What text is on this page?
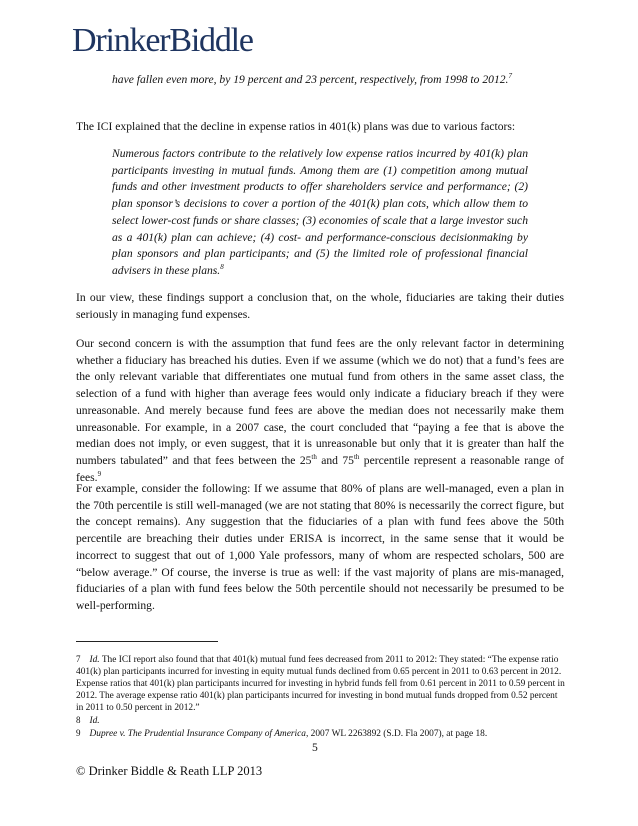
DrinkerBiddle

have fallen even more, by 19 percent and 23 percent, respectively, from 1998 to 2012.$^7$

The ICI explained that the decline in expense ratios in 401(k) plans was due to various factors:

Numerous factors contribute to the relatively low expense ratios incurred by 401(k) plan participants investing in mutual funds. Among them are (1) competition among mutual funds and other investment products to offer shareholders service and performance; (2) plan sponsor’s decisions to cover a portion of the 401(k) plan cots, which allow them to select lower-cost funds or share classes; (3) economies of scale that a large investor such as a 401(k) plan can achieve; (4) cost- and performance-conscious decisionmaking by plan sponsors and plan participants; and (5) the limited role of professional financial advisers in these plans.$^8$

In our view, these findings support a conclusion that, on the whole, fiduciaries are taking their duties seriously in managing fund expenses.

Our second concern is with the assumption that fund fees are the only relevant factor in determining whether a fiduciary has breached his duties. Even if we assume (which we do not) that a fund’s fees are the only relevant variable that differentiates one mutual fund from others in the same asset class, the selection of a fund with higher than average fees would only indicate a fiduciary breach if they were unreasonable. And merely because fund fees are above the median does not necessarily make them unreasonable. For example, in a 2007 case, the court concluded that “paying a fee that is above the median does not imply, or even suggest, that it is unreasonable but only that it is greater than half the numbers tabulated” and that fees between the 25th and 75th percentile represent a reasonable range of fees.$^9$

For example, consider the following: If we assume that 80% of plans are well-managed, even a plan in the 70th percentile is still well-managed (we are not stating that 80% is necessarily the correct figure, but the concept remains). Any suggestion that the fiduciaries of a plan with fund fees above the 50th percentile are breaching their duties under ERISA is incorrect, in the same sense that it would be incorrect to suggest that out of 1,000 Yale professors, many of whom are respected scholars, 500 are “below average.” Of course, the inverse is true as well: if the vast majority of plans are mis-managed, fiduciaries of a plan with fund fees below the 50th percentile should not necessarily be presumed to be well-performing.

7 Id. The ICI report also found that that 401(k) mutual fund fees decreased from 2011 to 2012: They stated: “The expense ratio 401(k) plan participants incurred for investing in equity mutual funds declined from 0.65 percent in 2011 to 0.63 percent in 2012. Expense ratios that 401(k) plan participants incurred for investing in hybrid funds fell from 0.61 percent in 2011 to 0.59 percent in 2012. The average expense ratio 401(k) plan participants incurred for investing in bond mutual funds dropped from 0.52 percent in 2011 to 0.50 percent in 2012.”

8 Id.

9 Dupree v. The Prudential Insurance Company of America, 2007 WL 2263892 (S.D. Fla 2007), at page 18.

5
© Drinker Biddle & Reath LLP 2013
